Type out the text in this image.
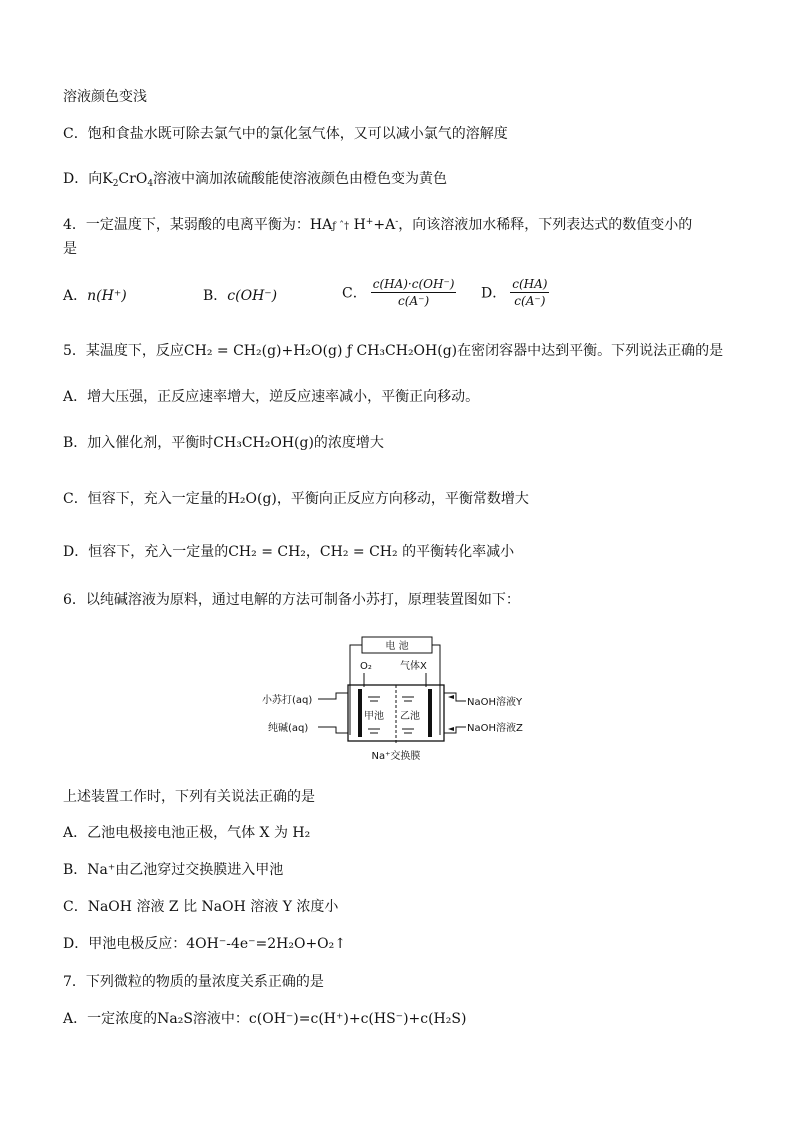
溶液颜色变浅
C．饱和食盐水既可除去氯气中的氯化氢气体，又可以减小氯气的溶解度
D．向$K_2CrO_4$溶液中滴加浓硫酸能使溶液颜色由橙色变为黄色
4．一定温度下，某弱酸的电离平衡为：HAƒ ˆ† H++A-，向该溶液加水稀释，下列表达式的数值变小的
是
A．n(H⁺)	B．c(OH⁻)	C． $\frac{c(HA)\cdot c(OH^-)}{c(A^-)}$ D． $\frac{c(HA)}{c(A^-)}$
5．某温度下，反应CH₂ = CH₂(g)+H₂O(g) ƒ CH₃CH₂OH(g)在密闭容器中达到平衡。下列说法正确的是
A．增大压强，正反应速率增大，逆反应速率减小，平衡正向移动。
B．加入催化剂，平衡时CH₃CH₂OH(g)的浓度增大
C．恒容下，充入一定量的H₂O(g)，平衡向正反应方向移动，平衡常数增大
D．恒容下，充入一定量的CH₂ = CH₂，CH₂ = CH₂ 的平衡转化率减小
6．以纯碱溶液为原料，通过电解的方法可制备小苏打，原理装置图如下：
电 池
O₂	气体X
甲池 乙池
小苏打(aq)
纯碱(aq)
NaOH溶液Y
NaOH溶液Z
Na⁺交换膜
上述装置工作时，下列有关说法正确的是
A．乙池电极接电池正极，气体 X 为 H₂
B．Na⁺由乙池穿过交换膜进入甲池
C．NaOH 溶液 Z 比 NaOH 溶液 Y 浓度小
D．甲池电极反应：4OH⁻-4e⁻=2H₂O+O₂↑
7．下列微粒的物质的量浓度关系正确的是
A．一定浓度的Na₂S溶液中：c(OH⁻)=c(H⁺)+c(HS⁻)+c(H₂S)
